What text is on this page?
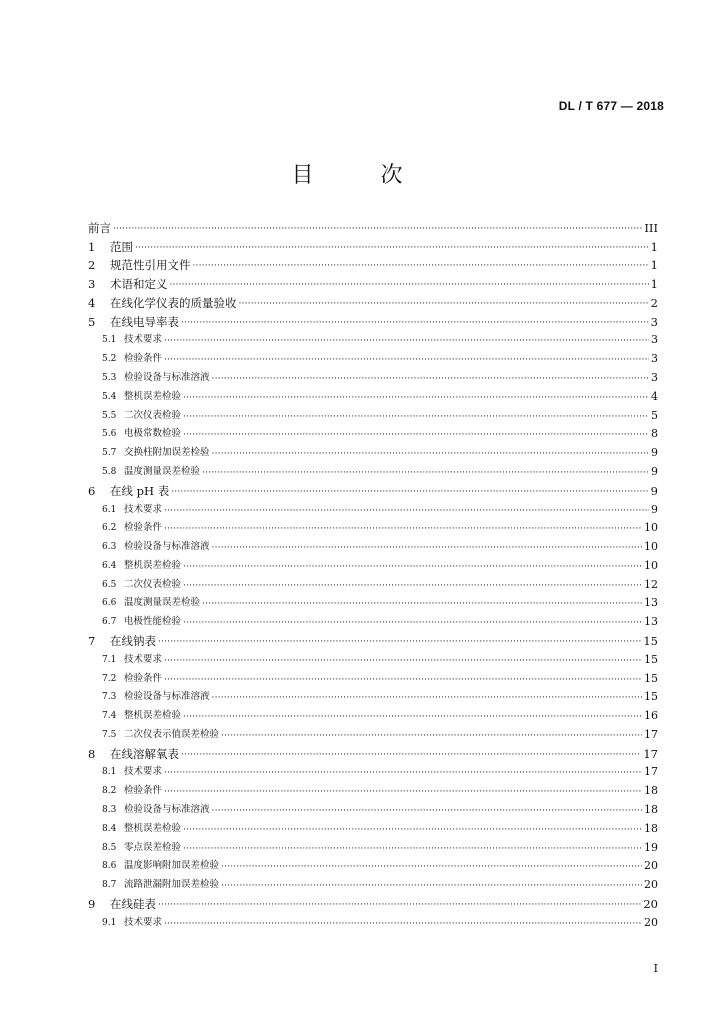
DL / T 677 — 2018
目 次
前言 ·····	III
1	范围 ·····	1
2	规范性引用文件 ·····	1
3	术语和定义 ·····	1
4	在线化学仪表的质量验收 ·····	2
5	在线电导率表 ·····	3
5.1 技术要求 ·····	3
5.2 检验条件 ·····	3
5.3 检验设备与标准溶液 ·····	3
5.4 整机误差检验 ·····	4
5.5 二次仪表检验 ·····	5
5.6 电极常数检验 ·····	8
5.7 交换柱附加误差检验 ·····	9
5.8 温度测量误差检验 ·····	9
6	在线 pH 表 ·····	9
6.1 技术要求 ·····	9
6.2 检验条件 ·····	10
6.3 检验设备与标准溶液 ·····	10
6.4 整机误差检验 ·····	10
6.5 二次仪表检验 ·····	12
6.6 温度测量误差检验 ·····	13
6.7 电极性能检验 ·····	13
7	在线钠表 ·····	15
7.1 技术要求 ·····	15
7.2 检验条件 ·····	15
7.3 检验设备与标准溶液 ·····	15
7.4 整机误差检验 ·····	16
7.5 二次仪表示值误差检验 ·····	17
8	在线溶解氧表 ·····	17
8.1 技术要求 ·····	17
8.2 检验条件 ·····	18
8.3 检验设备与标准溶液 ·····	18
8.4 整机误差检验 ·····	18
8.5 零点误差检验 ·····	19
8.6 温度影响附加误差检验 ·····	20
8.7 流路泄漏附加误差检验 ·····	20
9	在线硅表 ·····	20
9.1 技术要求 ·····	20
I
